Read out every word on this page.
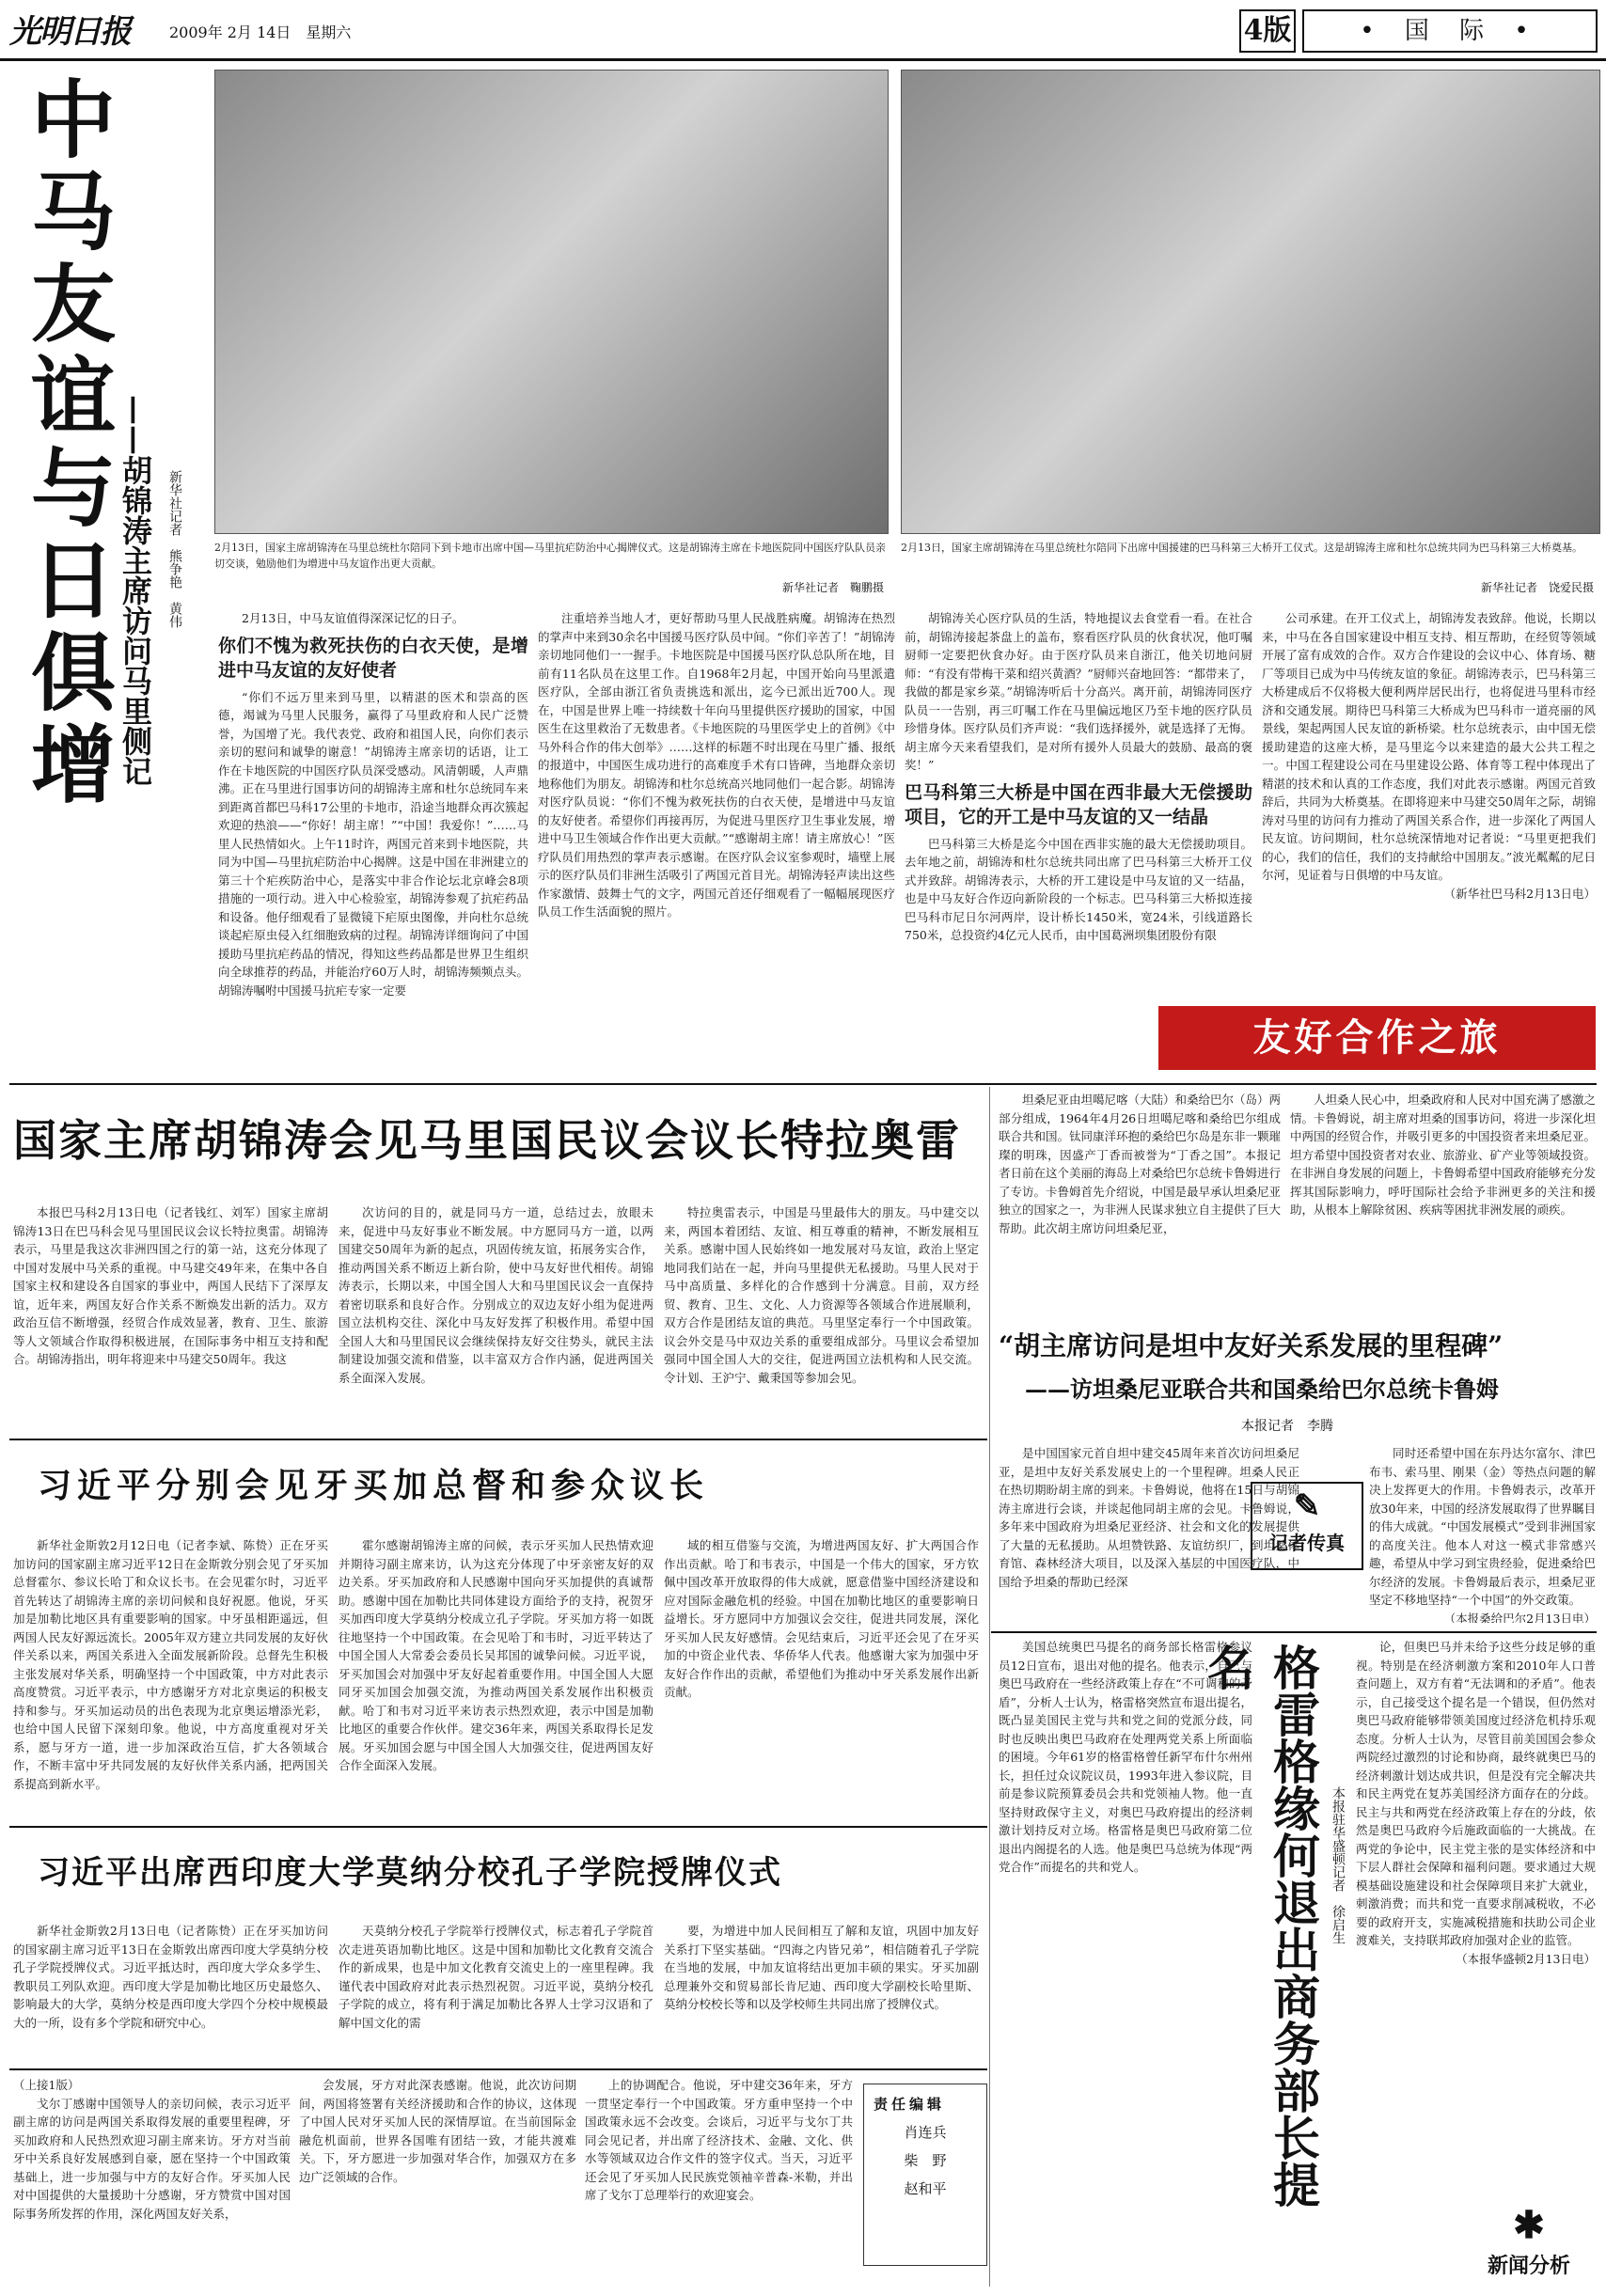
光明日报	2009年 2月 14日　星期六	4版	• 国 际 •
中马友谊与日俱增 ——胡锦涛主席访问马里侧记 新华社记者　熊争艳　黄伟	2月13日，国家主席胡锦涛在马里总统杜尔陪同下到卡地市出席中国—马里抗疟防治中心揭牌仪式。这是胡锦涛主席在卡地医院同中国医疗队队员亲切交谈，勉励他们为增进中马友谊作出更大贡献。
新华社记者　鞠鹏摄
2月13日，国家主席胡锦涛在马里总统杜尔陪同下出席中国援建的巴马科第三大桥开工仪式。这是胡锦涛主席和杜尔总统共同为巴马科第三大桥奠基。
新华社记者　饶爱民摄

2月13日，中马友谊值得深深记忆的日子。

你们不愧为救死扶伤的白衣天使，是增进中马友谊的友好使者

“你们不远万里来到马里，以精湛的医术和崇高的医德，竭诚为马里人民服务，赢得了马里政府和人民广泛赞誉，为国增了光。我代表党、政府和祖国人民，向你们表示亲切的慰问和诚挚的谢意！”胡锦涛主席亲切的话语，让工作在卡地医院的中国医疗队员深受感动。风清朝暖，人声鼎沸。正在马里进行国事访问的胡锦涛主席和杜尔总统同车来到距离首都巴马科17公里的卡地市，沿途当地群众再次簇起欢迎的热浪——“你好！胡主席！”“中国！我爱你！”……马里人民热情如火。上午11时许，两国元首来到卡地医院，共同为中国—马里抗疟防治中心揭牌。这是中国在非洲建立的第三十个疟疾防治中心，是落实中非合作论坛北京峰会8项措施的一项行动。进入中心检验室，胡锦涛参观了抗疟药品和设备。他仔细观看了显微镜下疟原虫图像，并向杜尔总统谈起疟原虫侵入红细胞致病的过程。胡锦涛详细询问了中国援助马里抗疟药品的情况，得知这些药品都是世界卫生组织向全球推荐的药品，并能治疗60万人时，胡锦涛频频点头。胡锦涛嘱咐中国援马抗疟专家一定要

注重培养当地人才，更好帮助马里人民战胜病魔。胡锦涛在热烈的掌声中来到30余名中国援马医疗队员中间。“你们辛苦了！”胡锦涛亲切地同他们一一握手。卡地医院是中国援马医疗队总队所在地，目前有11名队员在这里工作。自1968年2月起，中国开始向马里派遣医疗队，全部由浙江省负责挑选和派出，迄今已派出近700人。现在，中国是世界上唯一持续数十年向马里提供医疗援助的国家，中国医生在这里救治了无数患者。《卡地医院的马里医学史上的首例》《中马外科合作的伟大创举》……这样的标题不时出现在马里广播、报纸的报道中，中国医生成功进行的高难度手术有口皆碑，当地群众亲切地称他们为朋友。胡锦涛和杜尔总统高兴地同他们一起合影。胡锦涛对医疗队员说：“你们不愧为救死扶伤的白衣天使，是增进中马友谊的友好使者。希望你们再接再厉，为促进马里医疗卫生事业发展，增进中马卫生领域合作作出更大贡献。”“感谢胡主席！请主席放心！”医疗队员们用热烈的掌声表示感谢。在医疗队会议室参观时，墙壁上展示的医疗队员们非洲生活吸引了两国元首目光。胡锦涛轻声读出这些作家激情、鼓舞士气的文字，两国元首还仔细观看了一幅幅展现医疗队员工作生活面貌的照片。

胡锦涛关心医疗队员的生活，特地提议去食堂看一看。在社合前，胡锦涛接起茶盘上的盖布，察看医疗队员的伙食状况，他叮嘱厨师一定要把伙食办好。由于医疗队员来自浙江，他关切地问厨师：“有没有带梅干菜和绍兴黄酒？”厨师兴奋地回答：“都带来了，我做的都是家乡菜。”胡锦涛听后十分高兴。离开前，胡锦涛同医疗队员一一告别，再三叮嘱工作在马里偏远地区乃至卡地的医疗队员珍惜身体。医疗队员们齐声说：“我们选择援外，就是选择了无悔。胡主席今天来看望我们，是对所有援外人员最大的鼓励、最高的褒奖！”

巴马科第三大桥是中国在西非最大无偿援助项目，它的开工是中马友谊的又一结晶

巴马科第三大桥是迄今中国在西非实施的最大无偿援助项目。去年地之前，胡锦涛和杜尔总统共同出席了巴马科第三大桥开工仪式并致辞。胡锦涛表示，大桥的开工建设是中马友谊的又一结晶，也是中马友好合作迈向新阶段的一个标志。巴马科第三大桥拟连接巴马科市尼日尔河两岸，设计桥长1450米，宽24米，引线道路长750米，总投资约4亿元人民币，由中国葛洲坝集团股份有限

公司承建。在开工仪式上，胡锦涛发表致辞。他说，长期以来，中马在各自国家建设中相互支持、相互帮助，在经贸等领域开展了富有成效的合作。双方合作建设的会议中心、体育场、糖厂等项目已成为中马传统友谊的象征。胡锦涛表示，巴马科第三大桥建成后不仅将极大便利两岸居民出行，也将促进马里科市经济和交通发展。期待巴马科第三大桥成为巴马科市一道亮丽的风景线，架起两国人民友谊的新桥梁。杜尔总统表示，由中国无偿援助建造的这座大桥，是马里迄今以来建造的最大公共工程之一。中国工程建设公司在马里建设公路、体育等工程中体现出了精湛的技术和认真的工作态度，我们对此表示感谢。两国元首致辞后，共同为大桥奠基。在即将迎来中马建交50周年之际，胡锦涛对马里的访问有力推动了两国关系合作，进一步深化了两国人民友谊。访问期间，杜尔总统深情地对记者说：“马里更把我们的心，我们的信任，我们的支持献给中国朋友。”波光粼粼的尼日尔河，见证着与日俱增的中马友谊。

（新华社巴马科2月13日电）
友好合作之旅
国家主席胡锦涛会见马里国民议会议长特拉奥雷

本报巴马科2月13日电（记者钱红、刘军）国家主席胡锦涛13日在巴马科会见马里国民议会议长特拉奥雷。胡锦涛表示，马里是我这次非洲四国之行的第一站，这充分体现了中国对发展中马关系的重视。中马建交49年来，在集中各自国家主权和建设各自国家的事业中，两国人民结下了深厚友谊，近年来，两国友好合作关系不断焕发出新的活力。双方政治互信不断增强，经贸合作成效显著，教育、卫生、旅游等人文领域合作取得积极进展，在国际事务中相互支持和配合。胡锦涛指出，明年将迎来中马建交50周年。我这

次访问的目的，就是同马方一道，总结过去，放眼未来，促进中马友好事业不断发展。中方愿同马方一道，以两国建交50周年为新的起点，巩固传统友谊，拓展务实合作，推动两国关系不断迈上新台阶，使中马友好世代相传。胡锦涛表示，长期以来，中国全国人大和马里国民议会一直保持着密切联系和良好合作。分别成立的双边友好小组为促进两国立法机构交往、深化中马友好发挥了积极作用。希望中国全国人大和马里国民议会继续保持友好交往势头，就民主法制建设加强交流和借鉴，以丰富双方合作内涵，促进两国关系全面深入发展。

特拉奥雷表示，中国是马里最伟大的朋友。马中建交以来，两国本着团结、友谊、相互尊重的精神，不断发展相互关系。感谢中国人民始终如一地发展对马友谊，政治上坚定地同我们站在一起，并向马里提供无私援助。马里人民对于马中高质量、多样化的合作感到十分满意。目前，双方经贸、教育、卫生、文化、人力资源等各领域合作进展顺利，双方合作是团结友谊的典范。马里坚定奉行一个中国政策。议会外交是马中双边关系的重要组成部分。马里议会希望加强同中国全国人大的交往，促进两国立法机构和人民交流。令计划、王沪宁、戴秉国等参加会见。

坦桑尼亚由坦噶尼喀（大陆）和桑给巴尔（岛）两部分组成，1964年4月26日坦噶尼喀和桑给巴尔组成联合共和国。钛同康洋环抱的桑给巴尔岛是东非一颗璀璨的明珠，因盛产丁香而被誉为“丁香之国”。本报记者日前在这个美丽的海岛上对桑给巴尔总统卡鲁姆进行了专访。卡鲁姆首先介绍说，中国是最早承认坦桑尼亚独立的国家之一，为非洲人民谋求独立自主提供了巨大帮助。此次胡主席访问坦桑尼亚，

人坦桑人民心中，坦桑政府和人民对中国充满了感激之情。卡鲁姆说，胡主席对坦桑的国事访问，将进一步深化坦中两国的经贸合作，并吸引更多的中国投资者来坦桑尼亚。坦方希望中国投资者对农业、旅游业、矿产业等领域投资。在非洲自身发展的问题上，卡鲁姆希望中国政府能够充分发挥其国际影响力，呼吁国际社会给予非洲更多的关注和援助，从根本上解除贫困、疾病等困扰非洲发展的顽疾。

“胡主席访问是坦中友好关系发展的里程碑”
——访坦桑尼亚联合共和国桑给巴尔总统卡鲁姆
本报记者　李腾

是中国国家元首自坦中建交45周年来首次访问坦桑尼亚，是坦中友好关系发展史上的一个里程碑。坦桑人民正在热切期盼胡主席的到来。卡鲁姆说，他将在15日与胡锦涛主席进行会谈，并谈起他同胡主席的会见。卡鲁姆说，多年来中国政府为坦桑尼亚经济、社会和文化的发展提供了大量的无私援助。从坦赞铁路、友谊纺织厂，到坦桑体育馆、森林经济大项目，以及深入基层的中国医疗队，中国给予坦桑的帮助已经深

✎
记者传真

同时还希望中国在东丹达尔富尔、津巴布韦、索马里、刚果（金）等热点问题的解决上发挥更大的作用。卡鲁姆表示，改革开放30年来，中国的经济发展取得了世界瞩目的伟大成就。“中国发展模式”受到非洲国家的高度关注。他本人对这一模式非常感兴趣，希望从中学习到宝贵经验，促进桑给巴尔经济的发展。卡鲁姆最后表示，坦桑尼亚坚定不移地坚持“一个中国”的外交政策。

（本报桑给巴尔2月13日电）
习近平分别会见牙买加总督和参众议长

新华社金斯敦2月12日电（记者李斌、陈贽）正在牙买加访问的国家副主席习近平12日在金斯敦分别会见了牙买加总督霍尔、参议长哈丁和众议长韦。在会见霍尔时，习近平首先转达了胡锦涛主席的亲切问候和良好祝愿。他说，牙买加是加勒比地区具有重要影响的国家。中牙虽相距遥远，但两国人民友好源远流长。2005年双方建立共同发展的友好伙伴关系以来，两国关系进入全面发展新阶段。总督先生积极主张发展对华关系，明确坚持一个中国政策，中方对此表示高度赞赏。习近平表示，中方感谢牙方对北京奥运的积极支持和参与。牙买加运动员的出色表现为北京奥运增添光彩，也给中国人民留下深刻印象。他说，中方高度重视对牙关系，愿与牙方一道，进一步加深政治互信，扩大各领域合作，不断丰富中牙共同发展的友好伙伴关系内涵，把两国关系提高到新水平。

霍尔感谢胡锦涛主席的问候，表示牙买加人民热情欢迎并期待习副主席来访，认为这充分体现了中牙亲密友好的双边关系。牙买加政府和人民感谢中国向牙买加提供的真诚帮助。感谢中国在加勒比共同体建设方面给予的支持，祝贺牙买加西印度大学莫纳分校成立孔子学院。牙买加方将一如既往地坚持一个中国政策。在会见哈丁和韦时，习近平转达了中国全国人大常委会委员长吴邦国的诚挚问候。习近平说，牙买加国会对加强中牙友好起着重要作用。中国全国人大愿同牙买加国会加强交流，为推动两国关系发展作出积极贡献。哈丁和韦对习近平来访表示热烈欢迎，表示中国是加勒比地区的重要合作伙伴。建交36年来，两国关系取得长足发展。牙买加国会愿与中国全国人大加强交往，促进两国友好合作全面深入发展。

域的相互借鉴与交流，为增进两国友好、扩大两国合作作出贡献。哈丁和韦表示，中国是一个伟大的国家，牙方钦佩中国改革开放取得的伟大成就，愿意借鉴中国经济建设和应对国际金融危机的经验。中国在加勒比地区的重要影响日益增长。牙方愿同中方加强议会交往，促进共同发展，深化牙买加人民友好感情。会见结束后，习近平还会见了在牙买加的中资企业代表、华侨华人代表。他感谢大家为加强中牙友好合作作出的贡献，希望他们为推动中牙关系发展作出新贡献。

习近平出席西印度大学莫纳分校孔子学院授牌仪式

新华社金斯敦2月13日电（记者陈贽）正在牙买加访问的国家副主席习近平13日在金斯敦出席西印度大学莫纳分校孔子学院授牌仪式。习近平抵达时，西印度大学众多学生、教职员工列队欢迎。西印度大学是加勒比地区历史最悠久、影响最大的大学，莫纳分校是西印度大学四个分校中规模最大的一所，设有多个学院和研究中心。

天莫纳分校孔子学院举行授牌仪式，标志着孔子学院首次走进英语加勒比地区。这是中国和加勒比文化教育交流合作的新成果，也是中加文化教育交流史上的一座里程碑。我谨代表中国政府对此表示热烈祝贺。习近平说，莫纳分校孔子学院的成立，将有利于满足加勒比各界人士学习汉语和了解中国文化的需

要，为增进中加人民间相互了解和友谊，巩固中加友好关系打下坚实基础。“四海之内皆兄弟”，相信随着孔子学院在当地的发展，中加友谊将结出更加丰硕的果实。牙买加副总理兼外交和贸易部长肯尼迪、西印度大学副校长哈里斯、莫纳分校校长等和以及学校师生共同出席了授牌仪式。

（上接1版）

戈尔丁感谢中国领导人的亲切问候，表示习近平副主席的访问是两国关系取得发展的重要里程碑，牙买加政府和人民热烈欢迎习副主席来访。牙方对当前牙中关系良好发展感到自豪，愿在坚持一个中国政策基础上，进一步加强与中方的友好合作。牙买加人民对中国提供的大量援助十分感谢，牙方赞赏中国对国际事务所发挥的作用，深化两国友好关系，

会发展，牙方对此深表感谢。他说，此次访问期间，两国将签署有关经济援助和合作的协议，这体现了中国人民对牙买加人民的深情厚谊。在当前国际金融危机面前，世界各国唯有团结一致，才能共渡难关。下，牙方愿进一步加强对华合作，加强双方在多边广泛领域的合作。

上的协调配合。他说，牙中建交36年来，牙方一贯坚定奉行一个中国政策。牙方重申坚持一个中国政策永远不会改变。会谈后，习近平与戈尔丁共同会见记者，并出席了经济技术、金融、文化、供水等领域双边合作文件的签字仪式。当天，习近平还会见了牙买加人民民族党领袖辛普森-米勒，并出席了戈尔丁总理举行的欢迎宴会。

责任编辑
肖连兵
柴　野
赵和平

美国总统奥巴马提名的商务部长格雷格参议员12日宣布，退出对他的提名。他表示，自己与奥巴马政府在一些经济政策上存在“不可调和的矛盾”，分析人士认为，格雷格突然宣布退出提名，既凸显美国民主党与共和党之间的党派分歧，同时也反映出奥巴马政府在处理两党关系上所面临的困境。今年61岁的格雷格曾任新罕布什尔州州长，担任过众议院议员，1993年进入参议院，目前是参议院预算委员会共和党领袖人物。他一直坚持财政保守主义，对奥巴马政府提出的经济刺激计划持反对立场。格雷格是奥巴马政府第二位退出内阁提名的人选。他是奥巴马总统为体现“两党合作”而提名的共和党人。	格雷格缘何退出商务部长提名
本报驻华盛顿记者　徐启生

论，但奥巴马并未给予这些分歧足够的重视。特别是在经济刺激方案和2010年人口普查问题上，双方有着“无法调和的矛盾”。他表示，自己接受这个提名是一个错误，但仍然对奥巴马政府能够带领美国度过经济危机持乐观态度。分析人士认为，尽管目前美国国会参众两院经过激烈的讨论和协商，最终就奥巴马的经济刺激计划达成共识，但是没有完全解决共和民主两党在复苏美国经济方面存在的分歧。民主与共和两党在经济政策上存在的分歧，依然是奥巴马政府今后施政面临的一大挑战。在两党的争论中，民主党主张的是实体经济和中下层人群社会保障和福利问题。要求通过大规模基础设施建设和社会保障项目来扩大就业，刺激消费；而共和党一直要求削减税收，不必要的政府开支，实施减税措施和扶助公司企业渡难关，支持联邦政府加强对企业的监管。

（本报华盛顿2月13日电）
✱
新闻分析
